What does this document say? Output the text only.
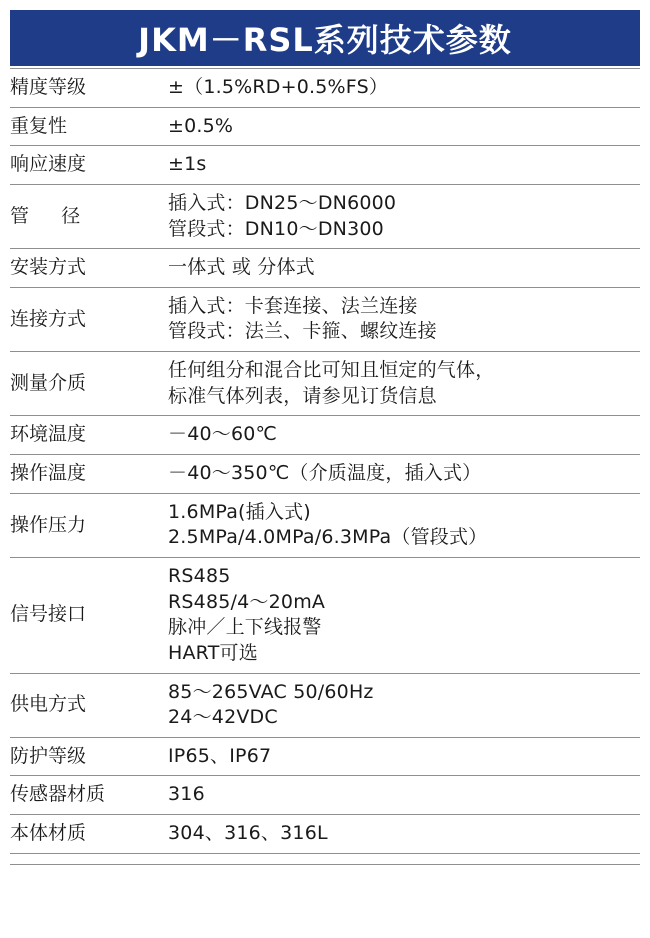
JKM－RSL系列技术参数
精度等级	±（1.5%RD+0.5%FS）

重复性	±0.5%

响应速度	±1s

管　径	插入式：DN25～DN6000
管段式：DN10～DN300

安装方式	一体式 或 分体式

连接方式	插入式：卡套连接、法兰连接
管段式：法兰、卡箍、螺纹连接

测量介质	任何组分和混合比可知且恒定的气体，
标准气体列表，请参见订货信息

环境温度	－40～60℃

操作温度	－40～350℃（介质温度，插入式）

操作压力	1.6MPa(插入式)
2.5MPa/4.0MPa/6.3MPa（管段式）

信号接口	RS485
RS485/4～20mA
脉冲／上下线报警
HART可选

供电方式	85～265VAC 50/60Hz
24～42VDC

防护等级	IP65、IP67

传感器材质	316

本体材质	304、316、316L
